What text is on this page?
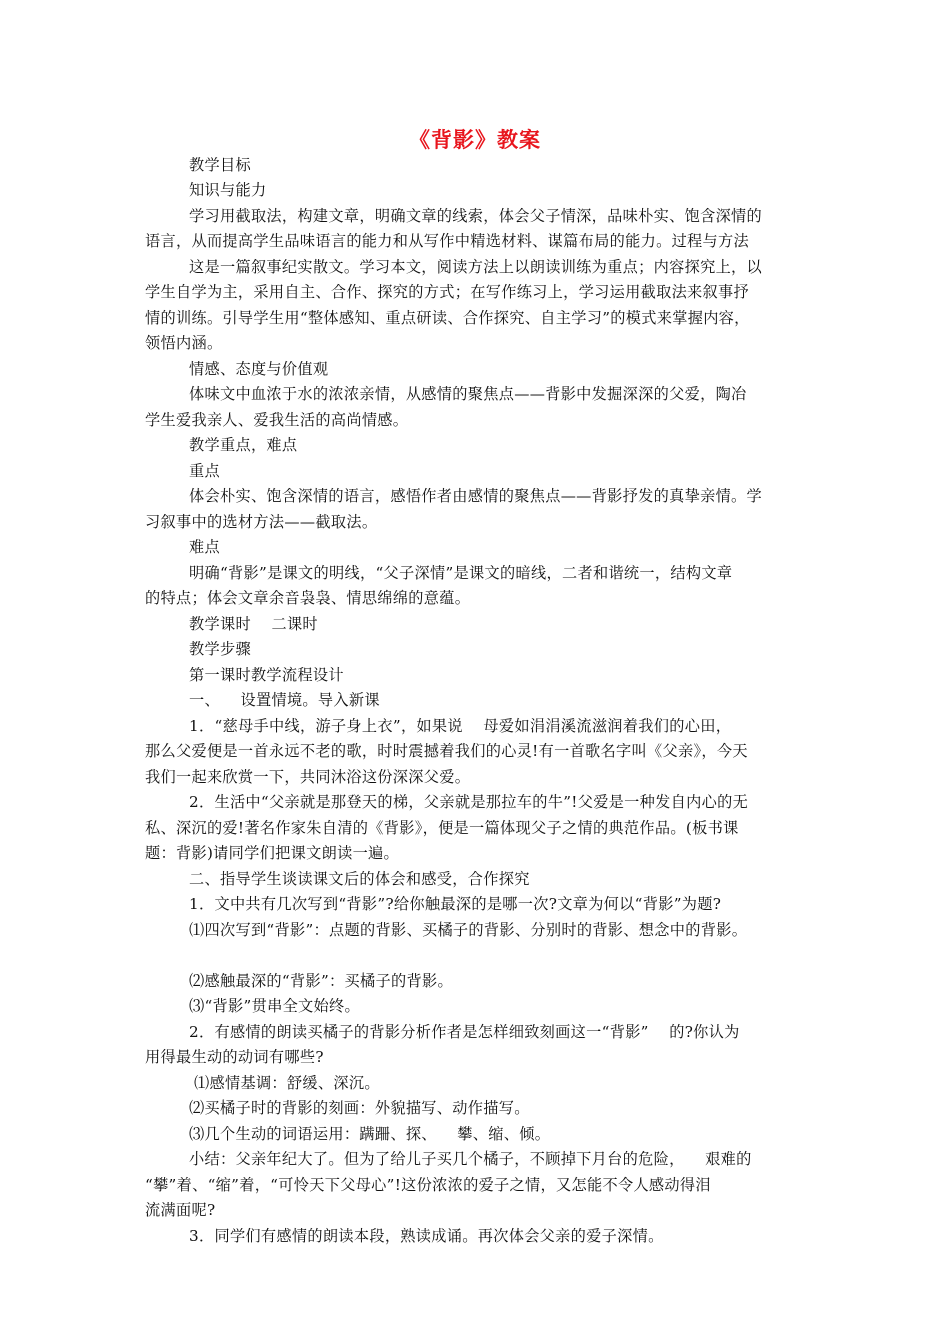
《背影》教案
教学目标
知识与能力
学习用截取法，构建文章，明确文章的线索，体会父子情深，品味朴实、饱含深情的
语言，从而提高学生品味语言的能力和从写作中精选材料、谋篇布局的能力。过程与方法
这是一篇叙事纪实散文。学习本文，阅读方法上以朗读训练为重点；内容探究上，以
学生自学为主，采用自主、合作、探究的方式；在写作练习上，学习运用截取法来叙事抒
情的训练。引导学生用“整体感知、重点研读、合作探究、自主学习”的模式来掌握内容，
领悟内涵。
情感、态度与价值观
体味文中血浓于水的浓浓亲情，从感情的聚焦点——背影中发掘深深的父爱，陶冶
学生爱我亲人、爱我生活的高尚情感。
教学重点，难点
重点
体会朴实、饱含深情的语言，感悟作者由感情的聚焦点——背影抒发的真挚亲情。学
习叙事中的选材方法——截取法。
难点
明确“背影”是课文的明线，“父子深情”是课文的暗线，二者和谐统一，结构文章
的特点；体会文章余音袅袅、情思绵绵的意蕴。
教学课时    二课时
教学步骤
第一课时教学流程设计
一、    设置情境。导入新课
1．“慈母手中线，游子身上衣”，如果说    母爱如涓涓溪流滋润着我们的心田，
那么父爱便是一首永远不老的歌，时时震撼着我们的心灵!有一首歌名字叫《父亲》，今天
我们一起来欣赏一下，共同沐浴这份深深父爱。
2．生活中“父亲就是那登天的梯，父亲就是那拉车的牛”!父爱是一种发自内心的无
私、深沉的爱!著名作家朱自清的《背影》，便是一篇体现父子之情的典范作品。(板书课
题：背影)请同学们把课文朗读一遍。
二、指导学生谈读课文后的体会和感受，合作探究
1．文中共有几次写到“背影”?给你触最深的是哪一次?文章为何以“背影”为题?
⑴四次写到“背影”：点题的背影、买橘子的背影、分别时的背影、想念中的背影。
⑵感触最深的“背影”：买橘子的背影。
⑶“背影”贯串全文始终。
2．有感情的朗读买橘子的背影分析作者是怎样细致刻画这一“背影”    的?你认为
用得最生动的动词有哪些?
⑴感情基调：舒缓、深沉。
⑵买橘子时的背影的刻画：外貌描写、动作描写。
⑶几个生动的词语运用：蹒跚、探、    攀、缩、倾。
小结：父亲年纪大了。但为了给儿子买几个橘子，不顾掉下月台的危险，    艰难的
“攀”着、“缩”着，“可怜天下父母心”!这份浓浓的爱子之情，又怎能不令人感动得泪
流满面呢?
3．同学们有感情的朗读本段，熟读成诵。再次体会父亲的爱子深情。
